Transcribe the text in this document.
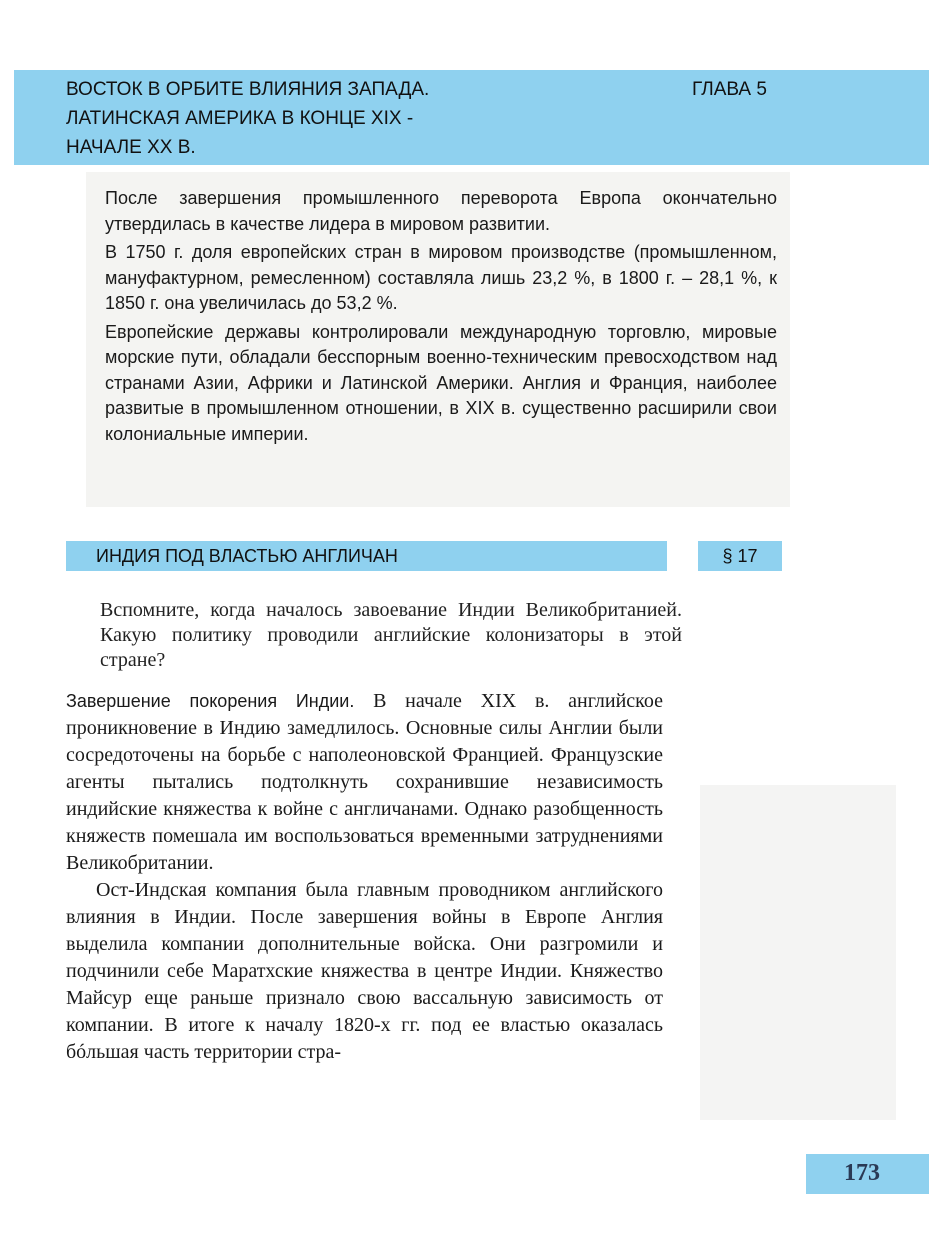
ВОСТОК В ОРБИТЕ ВЛИЯНИЯ ЗАПАДА.
ЛАТИНСКАЯ АМЕРИКА В КОНЦЕ XIX -
НАЧАЛЕ XX В.
ГЛАВА 5

После завершения промышленного переворота Европа окончательно утвердилась в качестве лидера в мировом развитии.

В 1750 г. доля европейских стран в мировом производстве (промышленном, мануфактурном, ремесленном) составляла лишь 23,2 %, в 1800 г. – 28,1 %, к 1850 г. она увеличилась до 53,2 %.

Европейские державы контролировали международную торговлю, мировые морские пути, обладали бесспорным военно-техническим превосходством над странами Азии, Африки и Латинской Америки. Англия и Франция, наиболее развитые в промышленном отношении, в XIX в. существенно расширили свои колониальные империи.

ИНДИЯ ПОД ВЛАСТЬЮ АНГЛИЧАН	§ 17
Вспомните, когда началось завоевание Индии Великобританией. Какую политику проводили английские колонизаторы в этой стране?

Завершение покорения Индии. В начале XIX в. английское проникновение в Индию замедлилось. Основные силы Англии были сосредоточены на борьбе с наполеоновской Францией. Французские агенты пытались подтолкнуть сохранившие независимость индийские княжества к войне с англичанами. Однако разобщенность княжеств помешала им воспользоваться временными затруднениями Великобритании.

Ост-Индская компания была главным проводником английского влияния в Индии. После завершения войны в Европе Англия выделила компании дополнительные войска. Они разгромили и подчинили себе Маратхские княжества в центре Индии. Княжество Майсур еще раньше признало свою вассальную зависимость от компании. В итоге к началу 1820-х гг. под ее властью оказалась бóльшая часть территории стра-

173
